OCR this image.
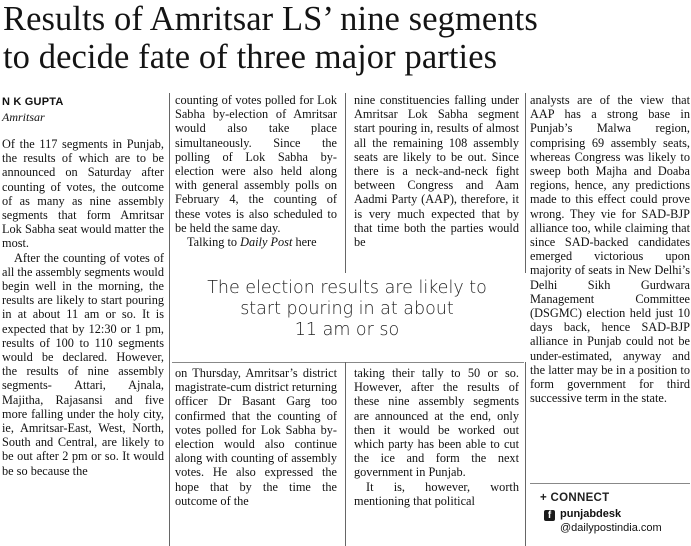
Results of Amritsar LS’ nine segments
to decide fate of three major parties
N K GUPTA
Amritsar

Of the 117 segments in Punjab, the results of which are to be announced on Saturday after counting of votes, the outcome of as many as nine assembly segments that form Amritsar Lok Sabha seat would matter the most.

After the counting of votes of all the assembly segments would begin well in the morning, the results are likely to start pouring in at about 11 am or so. It is expected that by 12:30 or 1 pm, results of 100 to 110 segments would be declared. However, the results of nine assembly segments- Attari, Ajnala, Majitha, Rajasansi and five more falling under the holy city, ie, Amritsar-East, West, North, South and Central, are likely to be out after 2 pm or so. It would be so because the

counting of votes polled for Lok Sabha by-election of Amritsar would also take place simultaneously. Since the polling of Lok Sabha by-election were also held along with general assembly polls on February 4, the counting of these votes is also scheduled to be held the same day.

Talking to Daily Post here

nine constituencies falling under Amritsar Lok Sabha segment start pouring in, results of almost all the remaining 108 assembly seats are likely to be out. Since there is a neck-and-neck fight between Congress and Aam Aadmi Party (AAP), therefore, it is very much expected that by that time both the parties would be

analysts are of the view that AAP has a strong base in Punjab’s Malwa region, comprising 69 assembly seats, whereas Congress was likely to sweep both Majha and Doaba regions, hence, any predictions made to this effect could prove wrong. They vie for SAD-BJP alliance too, while claiming that since SAD-backed candidates emerged victorious upon majority of seats in New Delhi’s Delhi Sikh Gurdwara Management Committee (DSGMC) election held just 10 days back, hence SAD-BJP alliance in Punjab could not be under-estimated, anyway and the latter may be in a position to form government for third successive term in the state.

The election results are likely to
start pouring in at about
11 am or so

on Thursday, Amritsar’s district magistrate-cum district returning officer Dr Basant Garg too confirmed that the counting of votes polled for Lok Sabha by-election would also continue along with counting of assembly votes. He also expressed the hope that by the time the outcome of the

taking their tally to 50 or so. However, after the results of these nine assembly segments are announced at the end, only then it would be worked out which party has been able to cut the ice and form the next government in Punjab.

It is, however, worth mentioning that political	+ CONNECT
f punjabdesk
@dailypostindia.com
